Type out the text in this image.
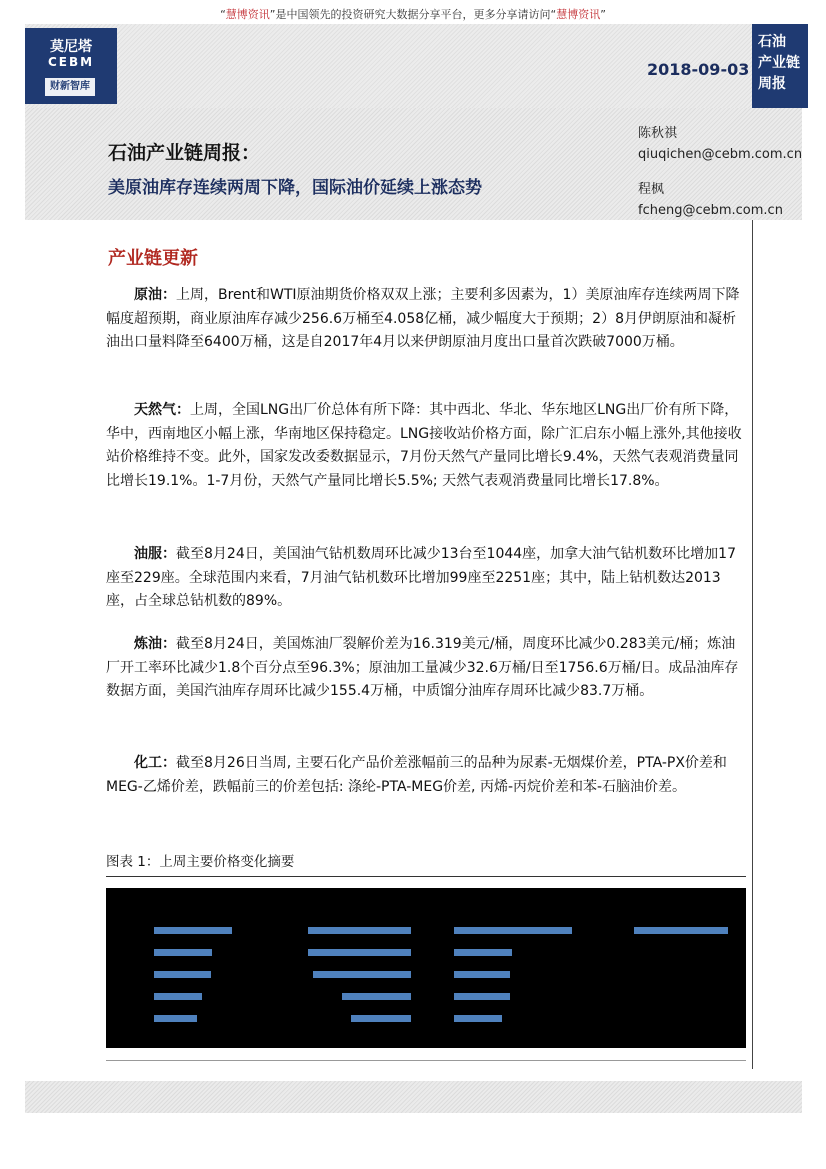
“慧博资讯”是中国领先的投资研究大数据分享平台，更多分享请访问“慧博资讯”
莫尼塔
CEBM
财新智库
2018-09-03
石油
产业链
周报
石油产业链周报：
美原油库存连续两周下降，国际油价延续上涨态势
陈秋祺
qiuqichen@cebm.com.cn
程枫
fcheng@cebm.com.cn
产业链更新

原油：上周，Brent和WTI原油期货价格双双上涨；主要利多因素为，1）美原油库存连续两周下降幅度超预期，商业原油库存减少256.6万桶至4.058亿桶，减少幅度大于预期；2）8月伊朗原油和凝析油出口量料降至6400万桶，这是自2017年4月以来伊朗原油月度出口量首次跌破7000万桶。

天然气：上周，全国LNG出厂价总体有所下降：其中西北、华北、华东地区LNG出厂价有所下降，华中，西南地区小幅上涨，华南地区保持稳定。LNG接收站价格方面，除广汇启东小幅上涨外,其他接收站价格维持不变。此外，国家发改委数据显示，7月份天然气产量同比增长9.4%，天然气表观消费量同比增长19.1%。1-7月份，天然气产量同比增长5.5%; 天然气表观消费量同比增长17.8%。

油服：截至8月24日，美国油气钻机数周环比减少13台至1044座，加拿大油气钻机数环比增加17座至229座。全球范围内来看，7月油气钻机数环比增加99座至2251座；其中，陆上钻机数达2013座，占全球总钻机数的89%。

炼油：截至8月24日，美国炼油厂裂解价差为16.319美元/桶，周度环比减少0.283美元/桶；炼油厂开工率环比减少1.8个百分点至96.3%；原油加工量减少32.6万桶/日至1756.6万桶/日。成品油库存数据方面，美国汽油库存周环比减少155.4万桶，中质馏分油库存周环比减少83.7万桶。

化工：截至8月26日当周, 主要石化产品价差涨幅前三的品种为尿素-无烟煤价差，PTA-PX价差和MEG-乙烯价差，跌幅前三的价差包括: 涤纶-PTA-MEG价差, 丙烯-丙烷价差和苯-石脑油价差。

图表 1：上周主要价格变化摘要
